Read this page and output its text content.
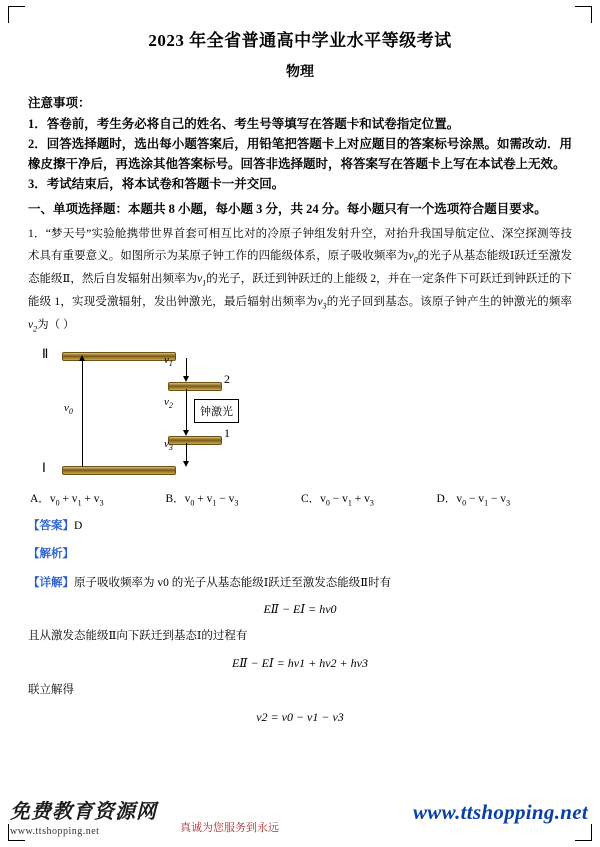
2023 年全省普通高中学业水平等级考试
物理
注意事项：
1．答卷前，考生务必将自己的姓名、考生号等填写在答题卡和试卷指定位置。
2．回答选择题时，选出每小题答案后，用铅笔把答题卡上对应题目的答案标号涂黑。如需改动．用橡皮擦干净后，再选涂其他答案标号。回答非选择题时，将答案写在答题卡上写在本试卷上无效。
3．考试结束后，将本试卷和答题卡一并交回。
一、单项选择题：本题共 8 小题，每小题 3 分，共 24 分。每小题只有一个选项符合题目要求。
1．“梦天号”实验舱携带世界首套可相互比对的冷原子钟组发射升空，对抬升我国导航定位、深空探测等技术具有重要意义。如图所示为某原子钟工作的四能级体系，原子吸收频率为$v_0$的光子从基态能级Ⅰ跃迁至激发态能级Ⅱ，然后自发辐射出频率为$v_1$的光子，跃迁到钟跃迁的上能级 2，并在一定条件下可跃迁到钟跃迁的下能级 1，实现受激辐射，发出钟激光，最后辐射出频率为$v_3$的光子回到基态。该原子钟产生的钟激光的频率$v_2$为（ ）
Ⅱ
2
1
Ⅰ
$v_0$
$v_1$
$v_2$
$v_3$
钟激光
A．$v_0 + v_1 + v_3$	B．$v_0 + v_1 - v_3$	C．$v_0 - v_1 + v_3$	D．$v_0 - v_1 - v_3$
【答案】D
【解析】
【详解】原子吸收频率为 v0 的光子从基态能级Ⅰ跃迁至激发态能级Ⅱ时有
EⅡ − EⅠ = hv0
且从激发态能级Ⅱ向下跃迁到基态Ⅰ的过程有
EⅡ − EⅠ = hv1 + hv2 + hv3
联立解得
v2 = v0 − v1 − v3
免费教育资源网
www.ttshopping.net	真诚为您服务到永远
www.ttshopping.net
